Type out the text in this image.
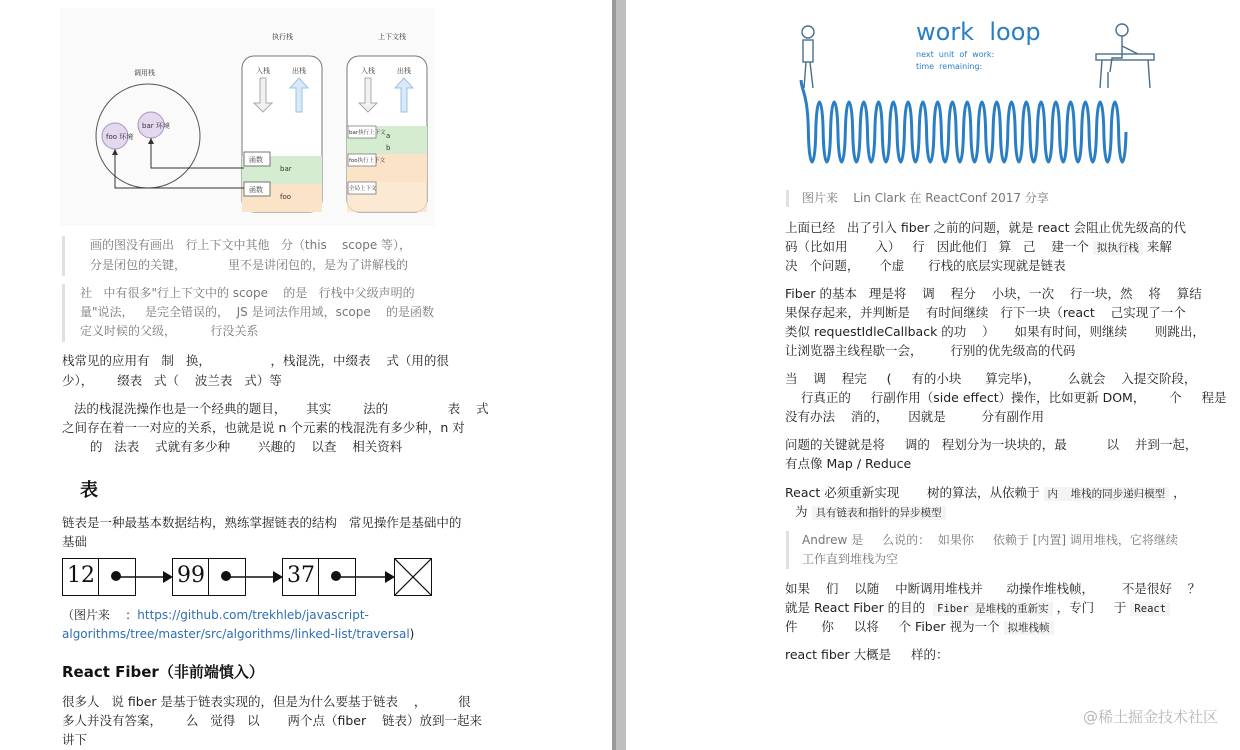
调用栈
执行栈	上下文栈
foo 环境
bar 环境
入栈	出栈	入栈	出栈
函数
函数
bar
foo
bar执行上下文
foo执行上下文
全局上下文
a
b
画的图没有画出   行上下文中其他   分（this    scope 等），
分是闭包的关键，           里不是讲闭包的，是为了讲解栈的
社   中有很多"行上下文中的 scope    的是   行栈中父级声明的
量"说法，   是完全错误的，  JS 是词法作用域，scope    的是函数
定义时候的父级，         行没关系
栈常见的应用有   制   换，               ，栈混洗，中缀表    式（用的很
少），      缀表   式（    波兰表   式）等
法的栈混洗操作也是一个经典的题目，     其实        法的               表    式
之间存在着一一对应的关系，也就是说 n 个元素的栈混洗有多少种，n 对
的   法表    式就有多少种       兴趣的    以查    相关资料
表
链表是一种最基本数据结构，熟练掌握链表的结构   常见操作是基础中的
基础
12	99	37
（图片来    ：https://github.com/trekhleb/javascript-
algorithms/tree/master/src/algorithms/linked-list/traversal)
React Fiber（非前端慎入）
很多人   说 fiber 是基于链表实现的，但是为什么要基于链表    ，        很
多人并没有答案，      么   觉得   以       两个点（fiber    链表）放到一起来
讲下
work  loop
next  unit  of  work:
time  remaining:
图片来    Lin Clark 在 ReactConf 2017 分享
上面已经   出了引入 fiber 之前的问题，就是 react 会阻止优先级高的代
码（比如用       入）   行   因此他们   算   己    建一个 拟执行栈 来解
决   个问题，     个虚      行栈的底层实现就是链表
Fiber 的基本   理是将    调    程分    小块，一次    行一块，然    将    算结
果保存起来，并判断是    有时间继续   行下一块（react    己实现了一个
类似 requestIdleCallback 的功    ）     如果有时间，则继续       则跳出，
让浏览器主线程歇一会，       行别的优先级高的代码
当    调    程完     (     有的小块      算完毕)，       么就会    入提交阶段，
行真正的     行副作用（side effect）操作，比如更新 DOM，      个     程是
没有办法    消的，     因就是         分有副作用
问题的关键就是将     调的   程划分为一块块的，最          以    并到一起，
有点像 Map / Reduce
React 必须重新实现       树的算法，从依赖于 内  堆栈的同步递归模型 ，
为 具有链表和指针的异步模型
Andrew 是     么说的：  如果你     依赖于 [内置] 调用堆栈，它将继续
工作直到堆栈为空
如果    们    以随    中断调用堆栈并      动操作堆栈帧，       不是很好    ？
就是 React Fiber 的目的 Fiber 是堆栈的重新实 ，专门     于 React
件      你     以将     个 Fiber 视为一个 拟堆栈帧
react fiber 大概是     样的：
@稀土掘金技术社区
